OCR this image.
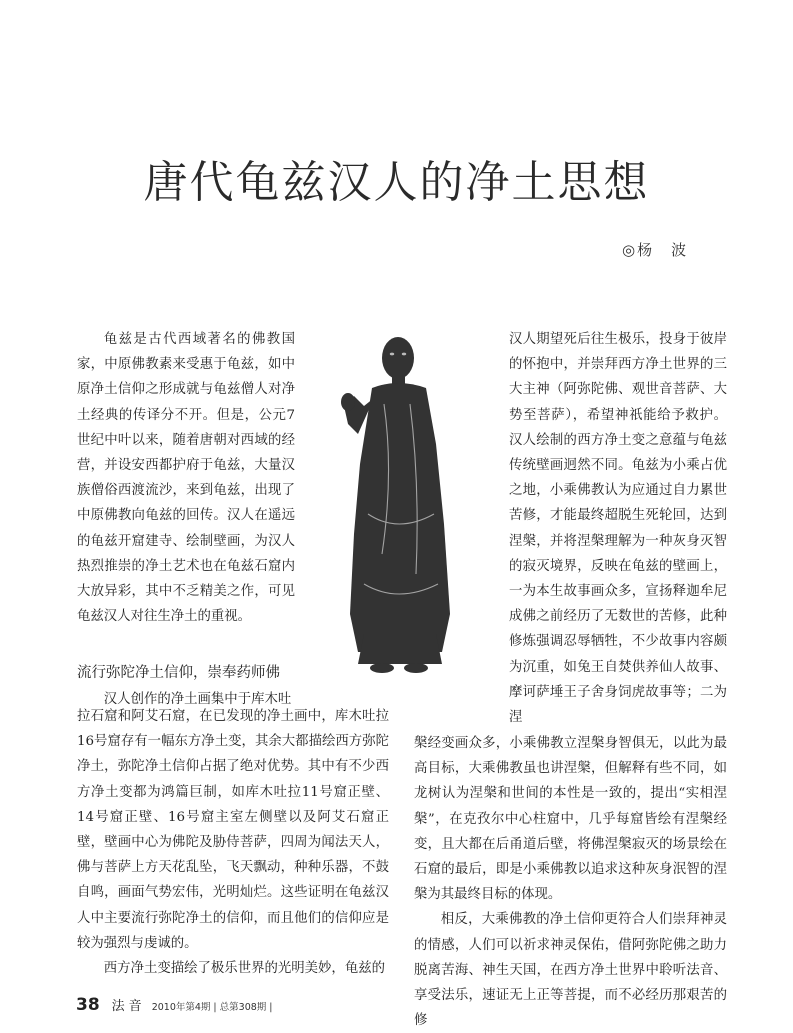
唐代龟兹汉人的净土思想
◎杨　波

龟兹是古代西域著名的佛教国家，中原佛教素来受惠于龟兹，如中原净土信仰之形成就与龟兹僧人对净土经典的传译分不开。但是，公元7世纪中叶以来，随着唐朝对西域的经营，并设安西都护府于龟兹，大量汉族僧俗西渡流沙，来到龟兹，出现了中原佛教向龟兹的回传。汉人在遥远的龟兹开窟建寺、绘制壁画，为汉人热烈推崇的净土艺术也在龟兹石窟内大放异彩，其中不乏精美之作，可见龟兹汉人对往生净土的重视。

流行弥陀净土信仰，崇奉药师佛

汉人创作的净土画集中于库木吐

拉石窟和阿艾石窟，在已发现的净土画中，库木吐拉16号窟存有一幅东方净土变，其余大都描绘西方弥陀净土，弥陀净土信仰占据了绝对优势。其中有不少西方净土变都为鸿篇巨制，如库木吐拉11号窟正壁、14号窟正壁、16号窟主室左侧壁以及阿艾石窟正壁，壁画中心为佛陀及胁侍菩萨，四周为闻法天人，佛与菩萨上方天花乱坠，飞天飘动，种种乐器，不鼓自鸣，画面气势宏伟，光明灿烂。这些证明在龟兹汉人中主要流行弥陀净土的信仰，而且他们的信仰应是较为强烈与虔诚的。

西方净土变描绘了极乐世界的光明美妙，龟兹的

汉人期望死后往生极乐，投身于彼岸的怀抱中，并崇拜西方净土世界的三大主神（阿弥陀佛、观世音菩萨、大势至菩萨），希望神祇能给予救护。汉人绘制的西方净土变之意蕴与龟兹传统壁画迥然不同。龟兹为小乘占优之地，小乘佛教认为应通过自力累世苦修，才能最终超脱生死轮回，达到涅槃，并将涅槃理解为一种灰身灭智的寂灭境界，反映在龟兹的壁画上，一为本生故事画众多，宣扬释迦牟尼成佛之前经历了无数世的苦修，此种修炼强调忍辱牺牲，不少故事内容颇为沉重，如兔王自焚供养仙人故事、摩诃萨埵王子舍身饲虎故事等；二为涅

槃经变画众多，小乘佛教立涅槃身智俱无，以此为最高目标，大乘佛教虽也讲涅槃，但解释有些不同，如龙树认为涅槃和世间的本性是一致的，提出“实相涅槃”，在克孜尔中心柱窟中，几乎每窟皆绘有涅槃经变，且大都在后甬道后壁，将佛涅槃寂灭的场景绘在石窟的最后，即是小乘佛教以追求这种灰身泯智的涅槃为其最终目标的体现。

相反，大乘佛教的净土信仰更符合人们崇拜神灵的情感，人们可以祈求神灵保佑，借阿弥陀佛之助力脱离苦海、神生天国，在西方净土世界中聆听法音、享受法乐，速证无上正等菩提，而不必经历那艰苦的修

38 法音 2010年第4期 | 总第308期 |
